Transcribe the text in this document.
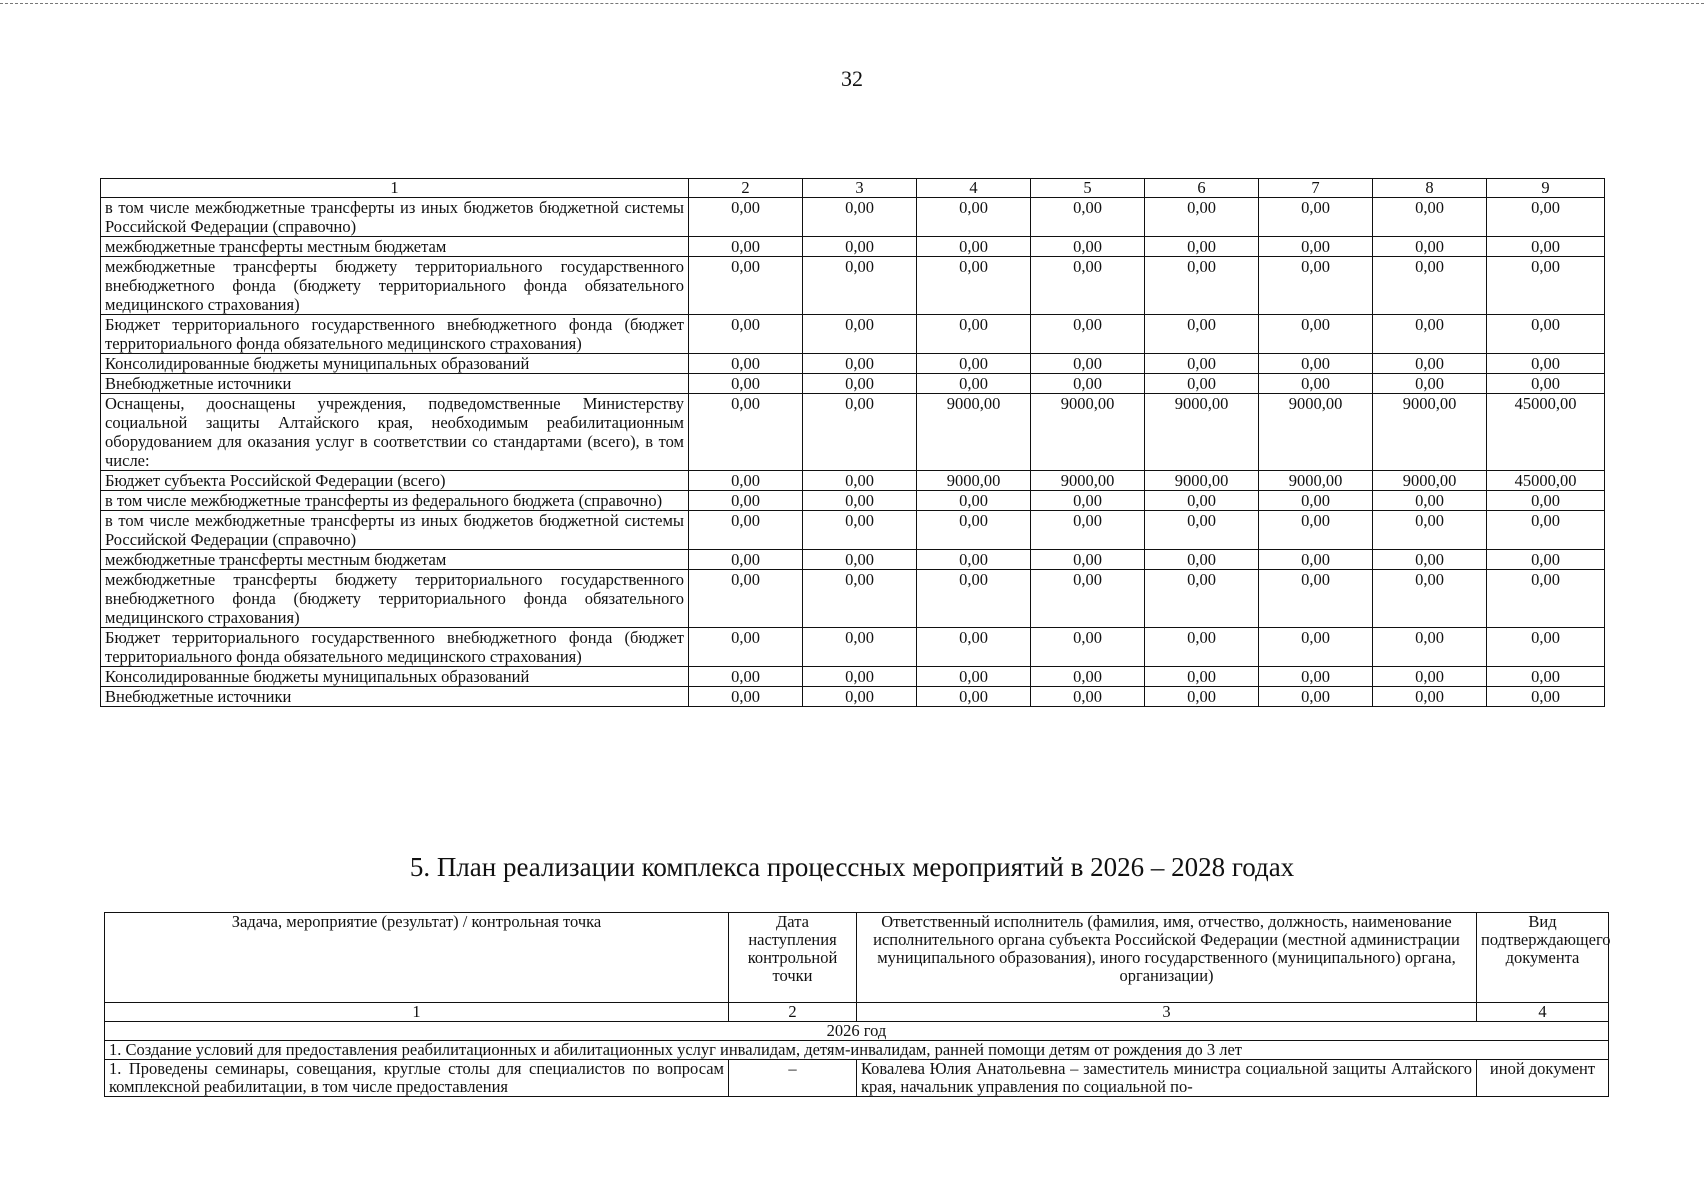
32
1	2	3	4	5	6	7	8	9
в том числе межбюджетные трансферты из иных бюджетов бюджетной системы Российской Федерации (справочно)	0,00	0,00	0,00	0,00	0,00	0,00	0,00	0,00
межбюджетные трансферты местным бюджетам	0,00	0,00	0,00	0,00	0,00	0,00	0,00	0,00
межбюджетные трансферты бюджету территориального государственного внебюджетного фонда (бюджету территориального фонда обязательного медицинского страхования)	0,00	0,00	0,00	0,00	0,00	0,00	0,00	0,00
Бюджет территориального государственного внебюджетного фонда (бюджет территориального фонда обязательного медицинского страхования)	0,00	0,00	0,00	0,00	0,00	0,00	0,00	0,00
Консолидированные бюджеты муниципальных образований	0,00	0,00	0,00	0,00	0,00	0,00	0,00	0,00
Внебюджетные источники	0,00	0,00	0,00	0,00	0,00	0,00	0,00	0,00
Оснащены, дооснащены учреждения, подведомственные Министерству социальной защиты Алтайского края, необходимым реабилитационным оборудованием для оказания услуг в соответствии со стандартами (всего), в том числе:	0,00	0,00	9000,00	9000,00	9000,00	9000,00	9000,00	45000,00
Бюджет субъекта Российской Федерации (всего)	0,00	0,00	9000,00	9000,00	9000,00	9000,00	9000,00	45000,00
в том числе межбюджетные трансферты из федерального бюджета (справочно)	0,00	0,00	0,00	0,00	0,00	0,00	0,00	0,00
в том числе межбюджетные трансферты из иных бюджетов бюджетной системы Российской Федерации (справочно)	0,00	0,00	0,00	0,00	0,00	0,00	0,00	0,00
межбюджетные трансферты местным бюджетам	0,00	0,00	0,00	0,00	0,00	0,00	0,00	0,00
межбюджетные трансферты бюджету территориального государственного внебюджетного фонда (бюджету территориального фонда обязательного медицинского страхования)	0,00	0,00	0,00	0,00	0,00	0,00	0,00	0,00
Бюджет территориального государственного внебюджетного фонда (бюджет территориального фонда обязательного медицинского страхования)	0,00	0,00	0,00	0,00	0,00	0,00	0,00	0,00
Консолидированные бюджеты муниципальных образований	0,00	0,00	0,00	0,00	0,00	0,00	0,00	0,00
Внебюджетные источники	0,00	0,00	0,00	0,00	0,00	0,00	0,00	0,00
5. План реализации комплекса процессных мероприятий в 2026 – 2028 годах
Задача, мероприятие (результат) / контрольная точка	Дата наступления контрольной точки	Ответственный исполнитель (фамилия, имя, отчество, должность, наименование исполнительного органа субъекта Российской Федерации (местной администрации муниципального образования), иного государственного (муниципального) органа, организации)	Вид подтверждающего документа
1	2	3	4
2026 год			
1. Создание условий для предоставления реабилитационных и абилитационных услуг инвалидам, детям-инвалидам, ранней помощи детям от рождения до 3 лет			
1. Проведены семинары, совещания, круглые столы для специалистов по вопросам комплексной реабилитации, в том числе предоставления	–	Ковалева Юлия Анатольевна – заместитель министра социальной защиты Алтайского края, начальник управления по социальной по-	иной документ
